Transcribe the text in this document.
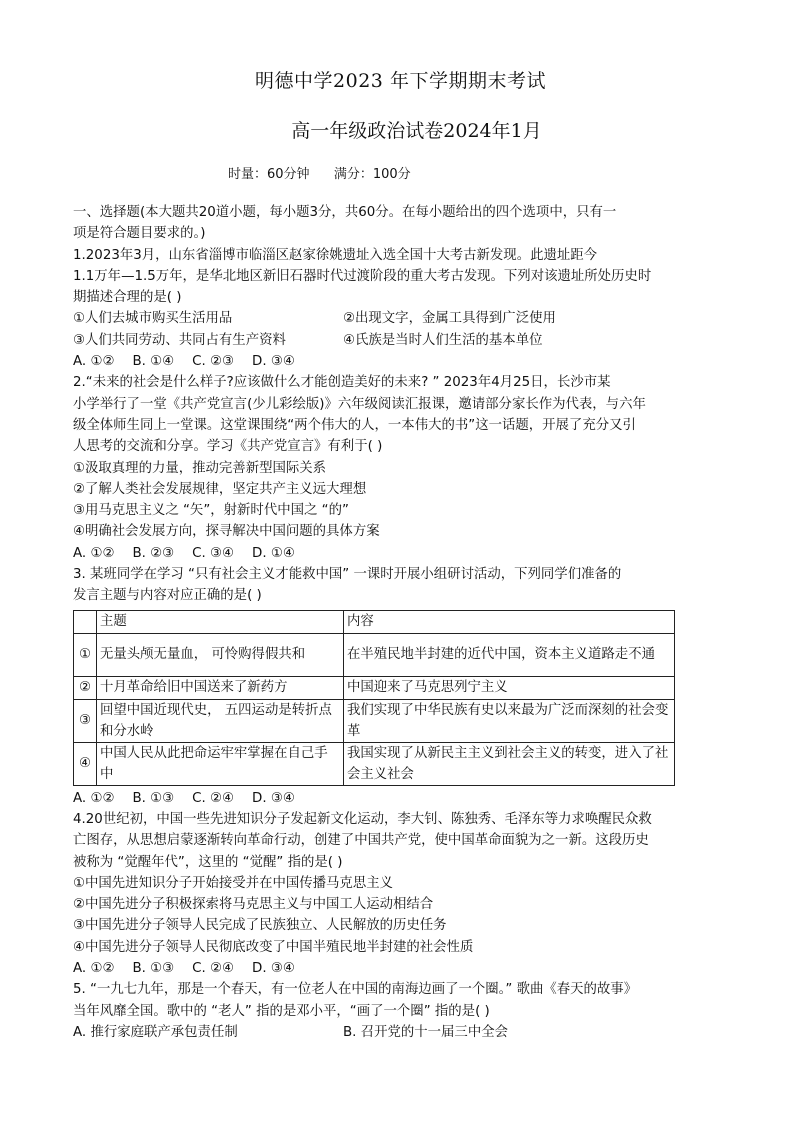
明德中学2023 年下学期期末考试
高一年级政治试卷2024年1月
时量：60分钟 满分：100分

一、选择题(本大题共20道小题，每小题3分，共60分。在每小题给出的四个选项中，只有一

项是符合题目要求的。)

1.2023年3月，山东省淄博市临淄区赵家徐姚遗址入选全国十大考古新发现。此遗址距今

1.1万年—1.5万年，是华北地区新旧石器时代过渡阶段的重大考古发现。下列对该遗址所处历史时

期描述合理的是( )

①人们去城市购买生活用品	②出现文字，金属工具得到广泛使用

③人们共同劳动、共同占有生产资料	④氏族是当时人们生活的基本单位

A. ①② B. ①④ C. ②③ D. ③④

2.“未来的社会是什么样子?应该做什么才能创造美好的未来? ” 2023年4月25日，长沙市某

小学举行了一堂《共产党宣言(少儿彩绘版)》六年级阅读汇报课，邀请部分家长作为代表，与六年

级全体师生同上一堂课。这堂课围绕“两个伟大的人，一本伟大的书”这一话题，开展了充分又引

人思考的交流和分享。学习《共产党宣言》有利于( )

①汲取真理的力量，推动完善新型国际关系

②了解人类社会发展规律，坚定共产主义远大理想

③用马克思主义之 “矢”，射新时代中国之 “的”

④明确社会发展方向，探寻解决中国问题的具体方案

A. ①② B. ②③ C. ③④ D. ①④

3. 某班同学在学习 “只有社会主义才能救中国” 一课时开展小组研讨活动，下列同学们准备的

发言主题与内容对应正确的是( )

	主题	内容
①	无量头颅无量血， 可怜购得假共和	在半殖民地半封建的近代中国，资本主义道路走不通
②	十月革命给旧中国送来了新药方	中国迎来了马克思列宁主义
③	回望中国近现代史， 五四运动是转折点和分水岭	我们实现了中华民族有史以来最为广泛而深刻的社会变革
④	中国人民从此把命运牢牢掌握在自己手中	我国实现了从新民主主义到社会主义的转变，进入了社会主义社会

A. ①② B. ①③ C. ②④ D. ③④

4.20世纪初，中国一些先进知识分子发起新文化运动，李大钊、陈独秀、毛泽东等力求唤醒民众救

亡图存，从思想启蒙逐渐转向革命行动，创建了中国共产党，使中国革命面貌为之一新。这段历史

被称为 “觉醒年代”，这里的 “觉醒” 指的是( )

①中国先进知识分子开始接受并在中国传播马克思主义

②中国先进分子积极探索将马克思主义与中国工人运动相结合

③中国先进分子领导人民完成了民族独立、人民解放的历史任务

④中国先进分子领导人民彻底改变了中国半殖民地半封建的社会性质

A. ①② B. ①③ C. ②④ D. ③④

5. “一九七九年，那是一个春天，有一位老人在中国的南海边画了一个圈。” 歌曲《春天的故事》

当年风靡全国。歌中的 “老人” 指的是邓小平，“画了一个圈” 指的是( )

A. 推行家庭联产承包责任制	B. 召开党的十一届三中全会
